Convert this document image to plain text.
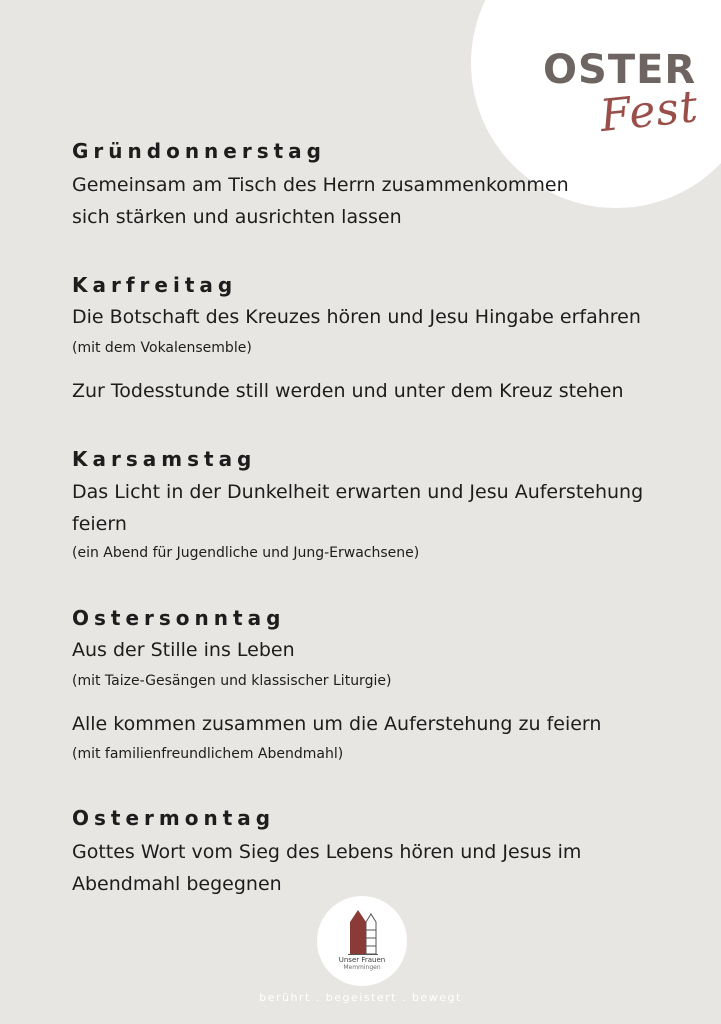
OSTER
Fest
Gründonnerstag
Gemeinsam am Tisch des Herrn zusammenkommen
sich stärken und ausrichten lassen
Karfreitag
Die Botschaft des Kreuzes hören und Jesu Hingabe erfahren
(mit dem Vokalensemble)
Zur Todesstunde still werden und unter dem Kreuz stehen
Karsamstag
Das Licht in der Dunkelheit erwarten und Jesu Auferstehung
feiern
(ein Abend für Jugendliche und Jung-Erwachsene)
Ostersonntag
Aus der Stille ins Leben
(mit Taize-Gesängen und klassischer Liturgie)
Alle kommen zusammen um die Auferstehung zu feiern
(mit familienfreundlichem Abendmahl)
Ostermontag
Gottes Wort vom Sieg des Lebens hören und Jesus im
Abendmahl begegnen
Unser Frauen
Memmingen
berührt . begeistert . bewegt
